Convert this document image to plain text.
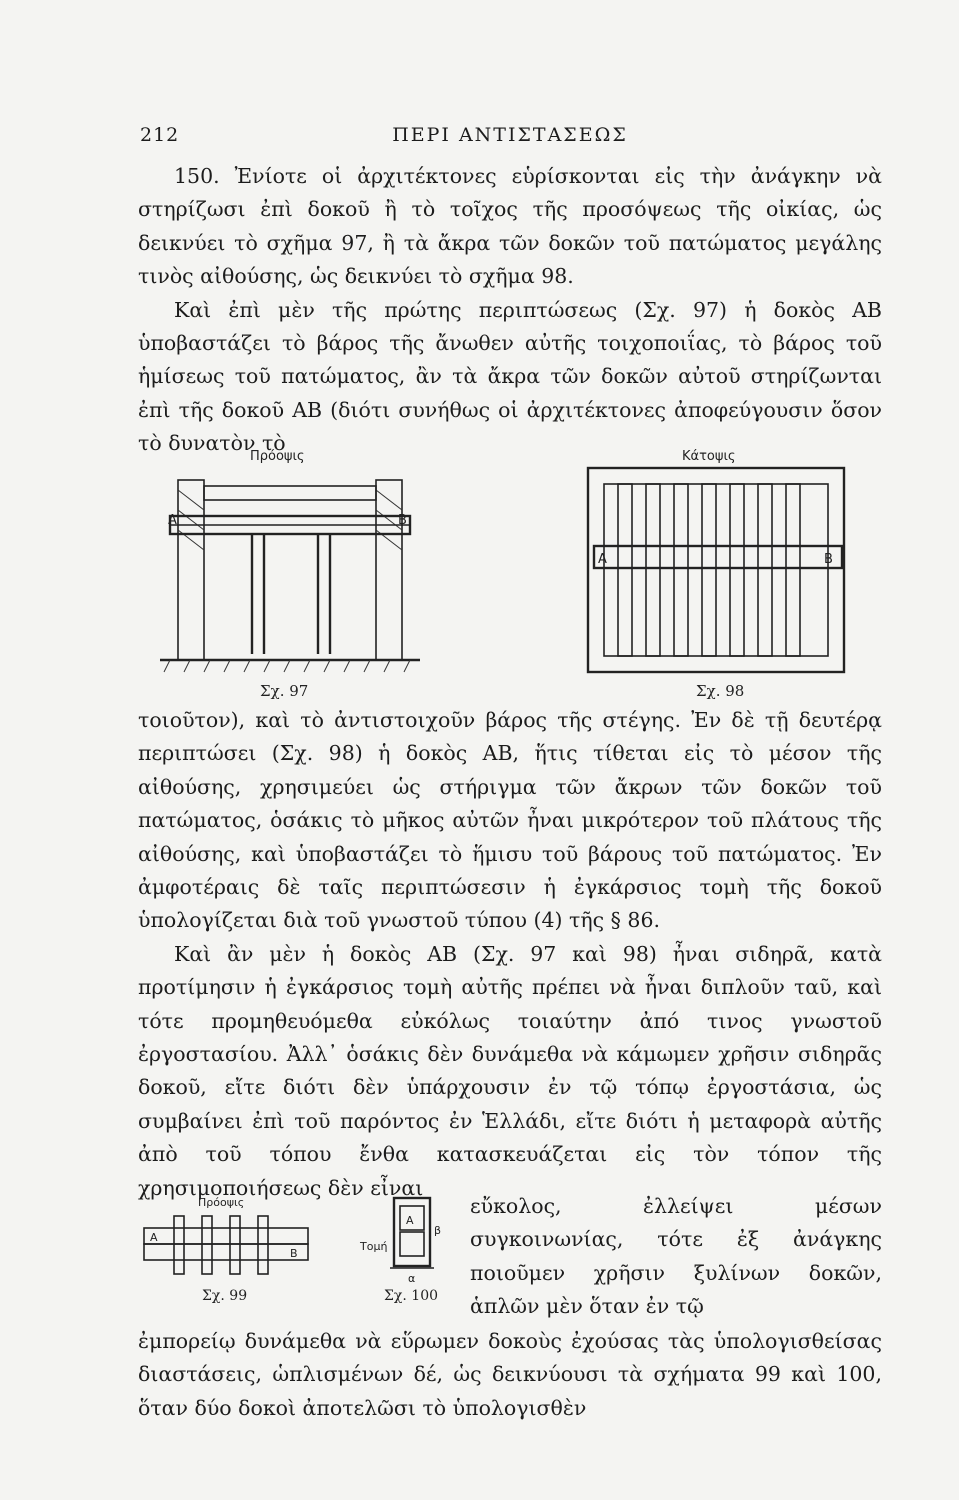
212	ΠΕΡΙ ΑΝΤΙΣΤΑΣΕΩΣ

150. Ἐνίοτε οἱ ἀρχιτέκτονες εὑρίσκονται εἰς τὴν ἀνάγκην νὰ στηρίζωσι ἐπὶ δοκοῦ ἢ τὸ τοῖχος τῆς προσόψεως τῆς οἰκίας, ὡς δεικνύει τὸ σχῆμα 97, ἢ τὰ ἄκρα τῶν δοκῶν τοῦ πατώματος μεγάλης τινὸς αἰθούσης, ὡς δεικνύει τὸ σχῆμα 98.

Καὶ ἐπὶ μὲν τῆς πρώτης περιπτώσεως (Σχ. 97) ἡ δοκὸς ΑΒ ὑποβαστάζει τὸ βάρος τῆς ἄνωθεν αὐτῆς τοιχοποιΐας, τὸ βάρος τοῦ ἡμίσεως τοῦ πατώματος, ἂν τὰ ἄκρα τῶν δοκῶν αὐτοῦ στηρίζωνται ἐπὶ τῆς δοκοῦ ΑΒ (διότι συνήθως οἱ ἀρχιτέκτονες ἀποφεύγουσιν ὅσον τὸ δυνατὸν τὸ

Πρόοψις
A	B
Σχ. 97
Κάτοψις
A	B
Σχ. 98

τοιοῦτον), καὶ τὸ ἀντιστοιχοῦν βάρος τῆς στέγης. Ἐν δὲ τῇ δευτέρᾳ περιπτώσει (Σχ. 98) ἡ δοκὸς ΑΒ, ἥτις τίθεται εἰς τὸ μέσον τῆς αἰθούσης, χρησιμεύει ὡς στήριγμα τῶν ἄκρων τῶν δοκῶν τοῦ πατώματος, ὁσάκις τὸ μῆκος αὐτῶν ἦναι μικρότερον τοῦ πλάτους τῆς αἰθούσης, καὶ ὑποβαστάζει τὸ ἥμισυ τοῦ βάρους τοῦ πατώματος. Ἐν ἀμφοτέραις δὲ ταῖς περιπτώσεσιν ἡ ἐγκάρσιος τομὴ τῆς δοκοῦ ὑπολογίζεται διὰ τοῦ γνωστοῦ τύπου (4) τῆς § 86.

Καὶ ἂν μὲν ἡ δοκὸς ΑΒ (Σχ. 97 καὶ 98) ἦναι σιδηρᾶ, κατὰ προτίμησιν ἡ ἐγκάρσιος τομὴ αὐτῆς πρέπει νὰ ἦναι διπλοῦν ταῦ, καὶ τότε προμηθευόμεθα εὐκόλως τοιαύτην ἀπό τινος γνωστοῦ ἐργοστασίου. Ἀλλ᾽ ὁσάκις δὲν δυνάμεθα νὰ κάμωμεν χρῆσιν σιδηρᾶς δοκοῦ, εἴτε διότι δὲν ὑπάρχουσιν ἐν τῷ τόπῳ ἐργοστάσια, ὡς συμβαίνει ἐπὶ τοῦ παρόντος ἐν Ἑλλάδι, εἴτε διότι ἡ μεταφορὰ αὐτῆς ἀπὸ τοῦ τόπου ἔνθα κατασκευάζεται εἰς τὸν τόπον τῆς χρησιμοποιήσεως δὲν εἶναι

Πρόοψις
A
B
Σχ. 99
Τομή
A
β
α
Σχ. 100

εὔκολος, ἐλλείψει μέσων συγκοινωνίας, τότε ἐξ ἀνάγκης ποιοῦμεν χρῆσιν ξυλίνων δοκῶν, ἁπλῶν μὲν ὅταν ἐν τῷ

ἐμπορείῳ δυνάμεθα νὰ εὕρωμεν δοκοὺς ἐχούσας τὰς ὑπολογισθείσας διαστάσεις, ὡπλισμένων δέ, ὡς δεικνύουσι τὰ σχήματα 99 καὶ 100, ὅταν δύο δοκοὶ ἀποτελῶσι τὸ ὑπολογισθὲν
